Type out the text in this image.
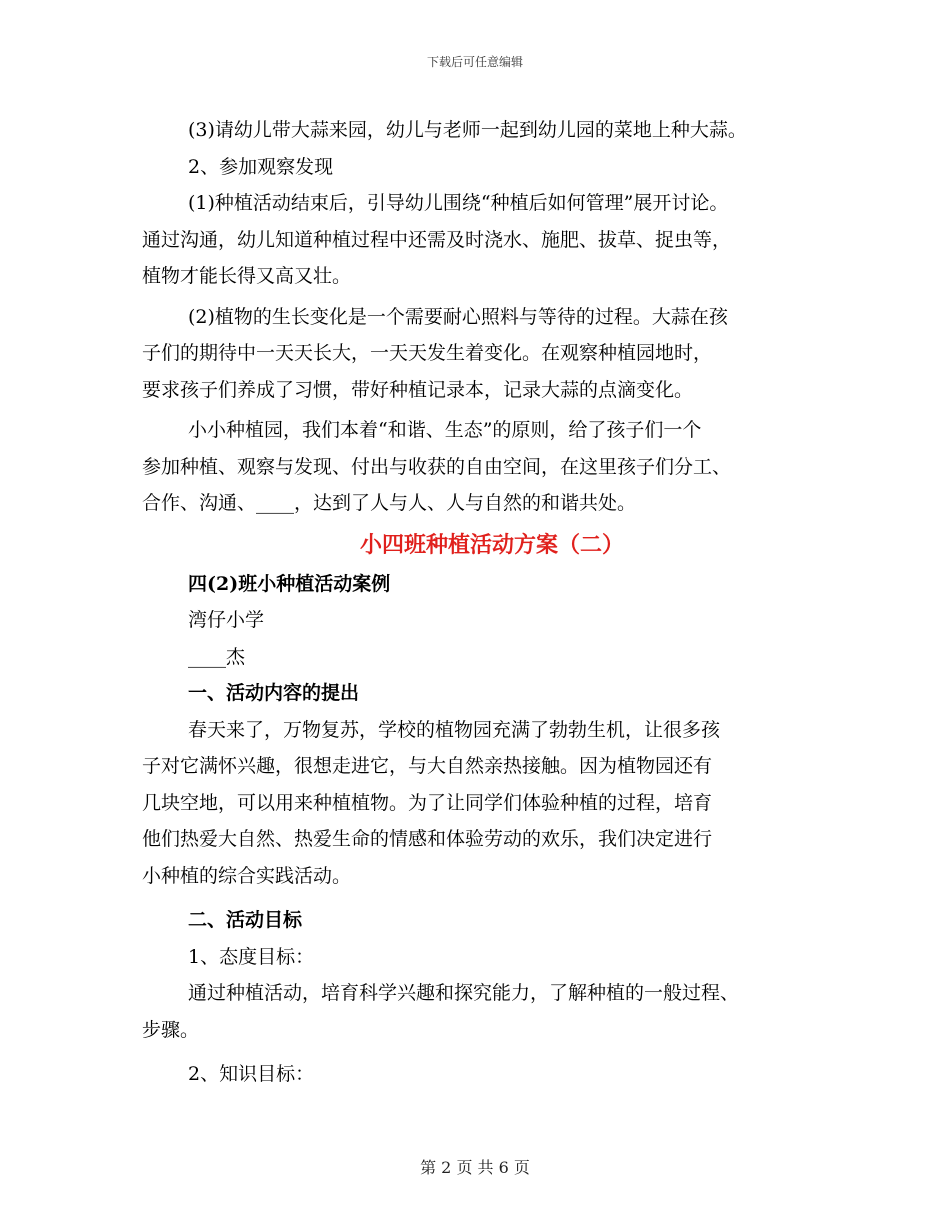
下载后可任意编辑

(3)请幼儿带大蒜来园，幼儿与老师一起到幼儿园的菜地上种大蒜。

2、参加观察发现

(1)种植活动结束后，引导幼儿围绕“种植后如何管理”展开讨论。

通过沟通，幼儿知道种植过程中还需及时浇水、施肥、拔草、捉虫等，

植物才能长得又高又壮。

(2)植物的生长变化是一个需要耐心照料与等待的过程。大蒜在孩

子们的期待中一天天长大，一天天发生着变化。在观察种植园地时，

要求孩子们养成了习惯，带好种植记录本，记录大蒜的点滴变化。

小小种植园，我们本着“和谐、生态”的原则，给了孩子们一个

参加种植、观察与发现、付出与收获的自由空间，在这里孩子们分工、

合作、沟通、____，达到了人与人、人与自然的和谐共处。

小四班种植活动方案（二）

四(2)班小种植活动案例

湾仔小学

____杰

一、活动内容的提出

春天来了，万物复苏，学校的植物园充满了勃勃生机，让很多孩

子对它满怀兴趣，很想走进它，与大自然亲热接触。因为植物园还有

几块空地，可以用来种植植物。为了让同学们体验种植的过程，培育

他们热爱大自然、热爱生命的情感和体验劳动的欢乐，我们决定进行

小种植的综合实践活动。

二、活动目标

1、态度目标：

通过种植活动，培育科学兴趣和探究能力，了解种植的一般过程、

步骤。

2、知识目标：

第 2 页 共 6 页
